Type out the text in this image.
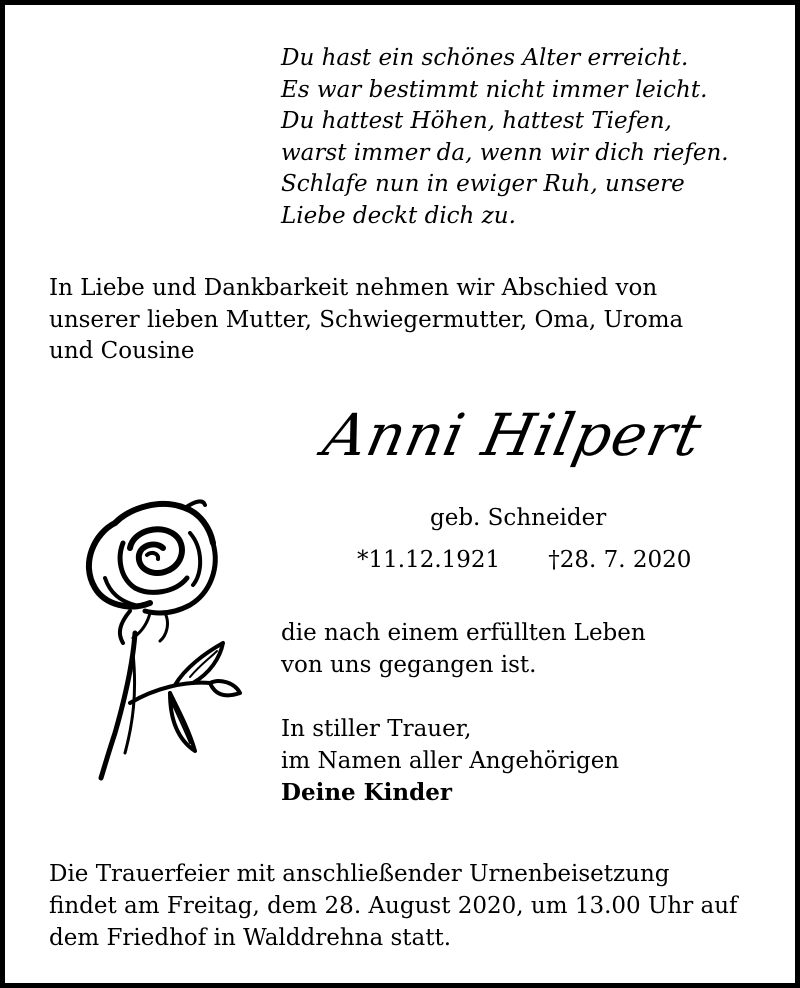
Du hast ein schönes Alter erreicht.
Es war bestimmt nicht immer leicht.
Du hattest Höhen, hattest Tiefen,
warst immer da, wenn wir dich riefen.
Schlafe nun in ewiger Ruh, unsere
Liebe deckt dich zu.
In Liebe und Dankbarkeit nehmen wir Abschied von
unserer lieben Mutter, Schwiegermutter, Oma, Uroma
und Cousine
Anni Hilpert
geb. Schneider
*11.12.1921 †28. 7. 2020
die nach einem erfüllten Leben
von uns gegangen ist.
In stiller Trauer,
im Namen aller Angehörigen
Deine Kinder
Die Trauerfeier mit anschließender Urnenbeisetzung
findet am Freitag, dem 28. August 2020, um 13.00 Uhr auf
dem Friedhof in Walddrehna statt.
